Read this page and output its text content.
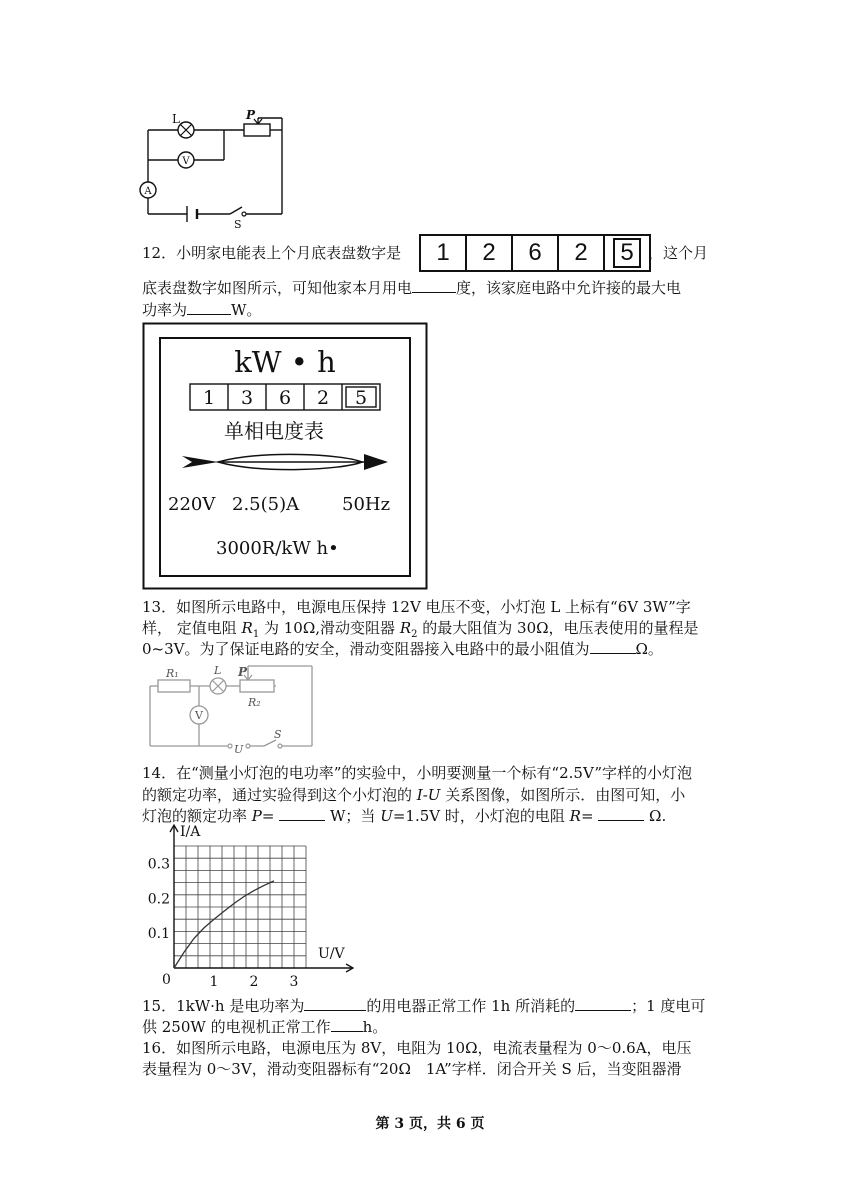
V
A
L	P
S
12．小明家电能表上个月底表盘数字是	1	2	6	2	5 ，这个月
底表盘数字如图所示，可知他家本月用电	度，该家庭电路中允许接的最大电
功率为	W。
kW • h
1 3 6 2 5
单相电度表
220V 2.5(5)A 50Hz
3000R/kW h•
13．如图所示电路中，电源电压保持 12V 电压不变，小灯泡 L 上标有“6V 3W”字
样， 定值电阻 $R_1$ 为 10Ω,滑动变阻器 $R_2$ 的最大阻值为 30Ω，电压表使用的量程是
0~3V。为了保证电路的安全，滑动变阻器接入电路中的最小阻值为	Ω。
V
R₁	L P
R₂
U
S
14．在“测量小灯泡的电功率”的实验中，小明要测量一个标有“2.5V”字样的小灯泡
的额定功率，通过实验得到这个小灯泡的 I-U 关系图像，如图所示．由图可知，小
灯泡的额定功率 P=	W；当 U=1.5V 时，小灯泡的电阻 R=	Ω.
1 2 3
0.1
0.2
0.3
I/A
U/V
0
15．1kW·h 是电功率为	的用电器正常工作 1h 所消耗的	；1 度电可
供 250W 的电视机正常工作 h。
16．如图所示电路，电源电压为 8V，电阻为 10Ω，电流表量程为 0～0.6A，电压
表量程为 0～3V，滑动变阻器标有“20Ω　1A”字样．闭合开关 S 后，当变阻器滑
第 3 页，共 6 页
